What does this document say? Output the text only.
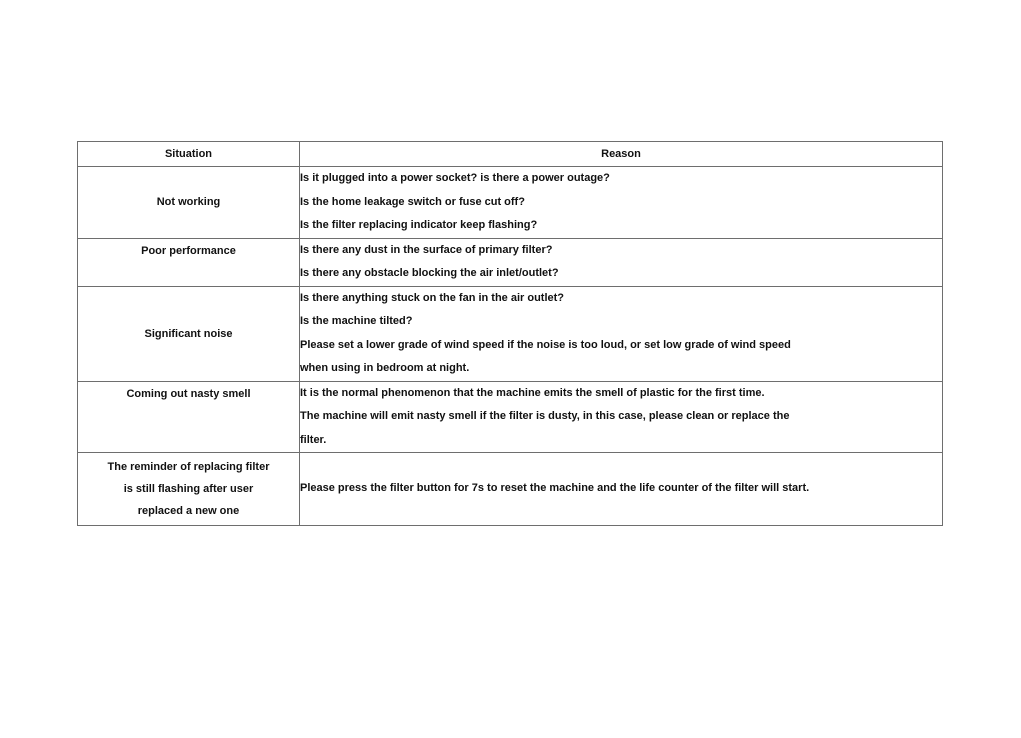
Situation	Reason

Not working	Is it plugged into a power socket? is there a power outage?
Is the home leakage switch or fuse cut off?
Is the filter replacing indicator keep flashing?

Poor performance	Is there any dust in the surface of primary filter?
Is there any obstacle blocking the air inlet/outlet?

Significant noise	Is there anything stuck on the fan in the air outlet?
Is the machine tilted?
Please set a lower grade of wind speed if the noise is too loud, or set low grade of wind speed
when using in bedroom at night.

Coming out nasty smell	It is the normal phenomenon that the machine emits the smell of plastic for the first time.
The machine will emit nasty smell if the filter is dusty, in this case, please clean or replace the
filter.

The reminder of replacing filter
is still flashing after user
replaced a new one	Please press the filter button for 7s to reset the machine and the life counter of the filter will start.
